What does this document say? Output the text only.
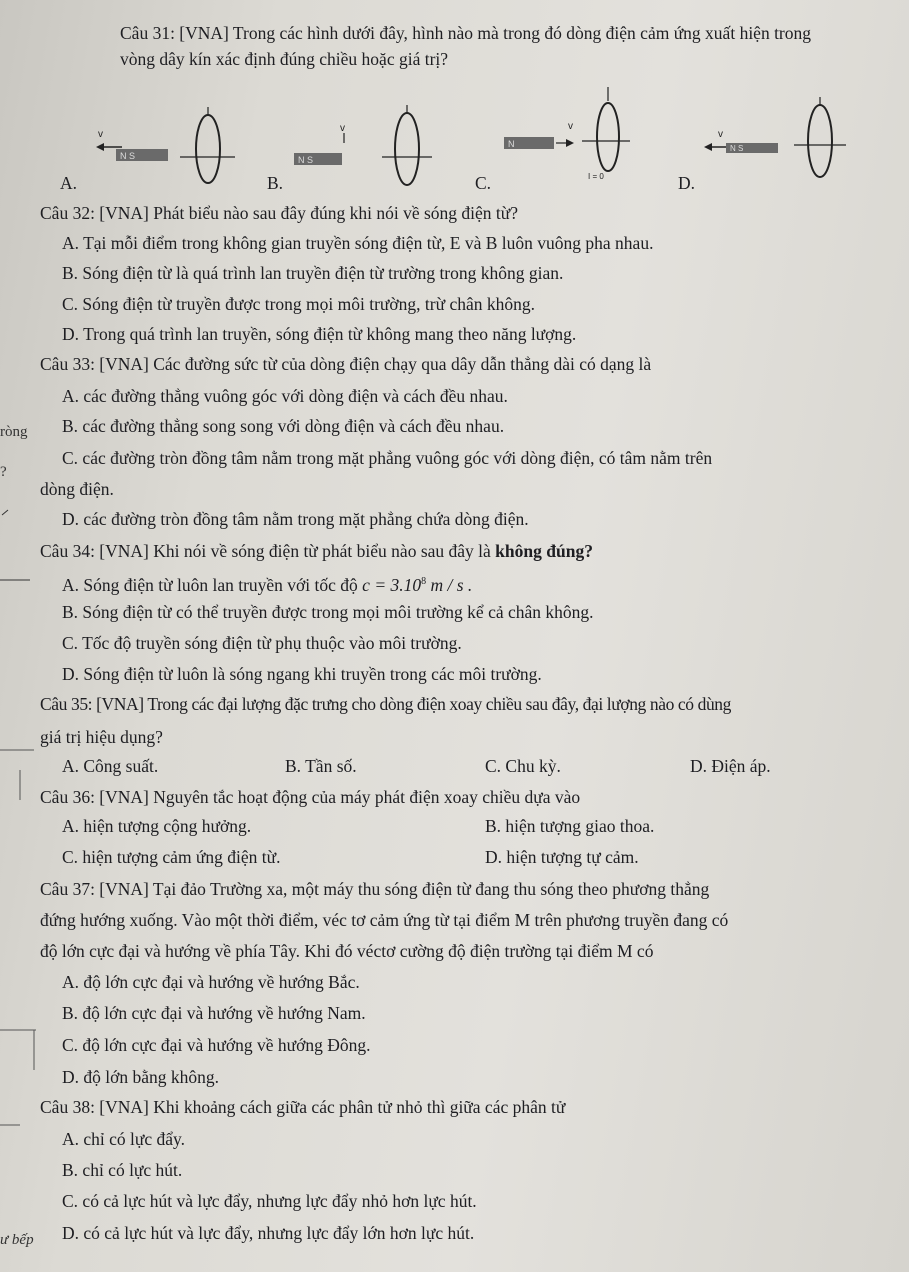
Câu 31: [VNA] Trong các hình dưới đây, hình nào mà trong đó dòng điện cảm ứng xuất hiện trong
vòng dây kín xác định đúng chiều hoặc giá trị?
v
N S
A.
N S
v
B.
N
v
I = 0
C.
v
N S
D.
Câu 32: [VNA] Phát biểu nào sau đây đúng khi nói về sóng điện từ?
A. Tại mỗi điểm trong không gian truyền sóng điện từ, E và B luôn vuông pha nhau.
B. Sóng điện từ là quá trình lan truyền điện từ trường trong không gian.
C. Sóng điện từ truyền được trong mọi môi trường, trừ chân không.
D. Trong quá trình lan truyền, sóng điện từ không mang theo năng lượng.
Câu 33: [VNA] Các đường sức từ của dòng điện chạy qua dây dẫn thẳng dài có dạng là
A. các đường thẳng vuông góc với dòng điện và cách đều nhau.
B. các đường thẳng song song với dòng điện và cách đều nhau.
C. các đường tròn đồng tâm nằm trong mặt phẳng vuông góc với dòng điện, có tâm nằm trên
dòng điện.
D. các đường tròn đồng tâm nằm trong mặt phẳng chứa dòng điện.
Câu 34: [VNA] Khi nói về sóng điện từ phát biểu nào sau đây là không đúng?
A. Sóng điện từ luôn lan truyền với tốc độ $c = 3.10^8$ m / s .
B. Sóng điện từ có thể truyền được trong mọi môi trường kể cả chân không.
C. Tốc độ truyền sóng điện từ phụ thuộc vào môi trường.
D. Sóng điện từ luôn là sóng ngang khi truyền trong các môi trường.
Câu 35: [VNA] Trong các đại lượng đặc trưng cho dòng điện xoay chiều sau đây, đại lượng nào có dùng
giá trị hiệu dụng?
A. Công suất.	B. Tần số.	C. Chu kỳ.	D. Điện áp.
Câu 36: [VNA] Nguyên tắc hoạt động của máy phát điện xoay chiều dựa vào
A. hiện tượng cộng hưởng.	B. hiện tượng giao thoa.
C. hiện tượng cảm ứng điện từ.	D. hiện tượng tự cảm.
Câu 37: [VNA] Tại đảo Trường xa, một máy thu sóng điện từ đang thu sóng theo phương thẳng
đứng hướng xuống. Vào một thời điểm, véc tơ cảm ứng từ tại điểm M trên phương truyền đang có
độ lớn cực đại và hướng về phía Tây. Khi đó véctơ cường độ điện trường tại điểm M có
A. độ lớn cực đại và hướng về hướng Bắc.
B. độ lớn cực đại và hướng về hướng Nam.
C. độ lớn cực đại và hướng về hướng Đông.
D. độ lớn bằng không.
Câu 38: [VNA] Khi khoảng cách giữa các phân tử nhỏ thì giữa các phân tử
A. chỉ có lực đẩy.
B. chỉ có lực hút.
C. có cả lực hút và lực đẩy, nhưng lực đẩy nhỏ hơn lực hút.
D. có cả lực hút và lực đẩy, nhưng lực đẩy lớn hơn lực hút.
ròng
?
ư bếp
